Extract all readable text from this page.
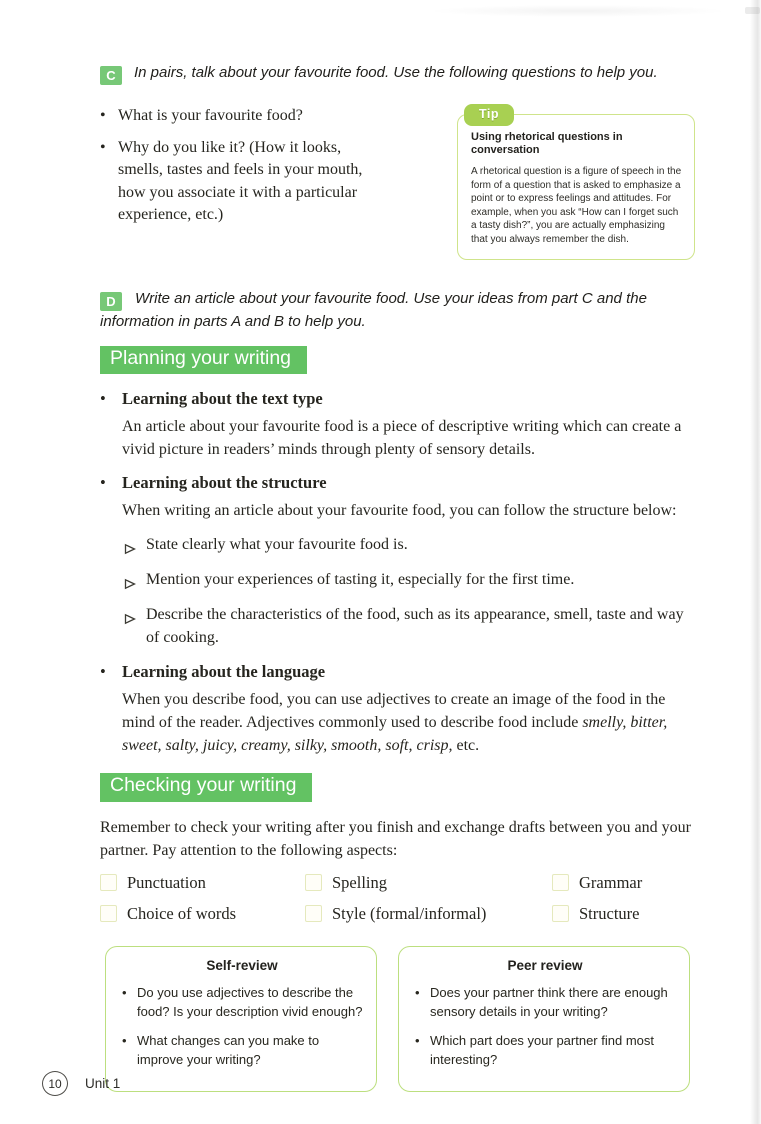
C In pairs, talk about your favourite food. Use the following questions to help you.
•
What is your favourite food?
•
Why do you like it? (How it looks, smells, tastes and feels in your mouth, how you associate it with a particular experience, etc.)
Tip
Using rhetorical questions in conversation
A rhetorical question is a figure of speech in the form of a question that is asked to emphasize a point or to express feelings and attitudes. For example, when you ask “How can I forget such a tasty dish?”, you are actually emphasizing that you always remember the dish.

D Write an article about your favourite food. Use your ideas from part C and the information in parts A and B to help you.

Planning your writing
•
Learning about the text type

An article about your favourite food is a piece of descriptive writing which can create a vivid picture in readers’ minds through plenty of sensory details.

•
Learning about the structure

When writing an article about your favourite food, you can follow the structure below:

State clearly what your favourite food is.
Mention your experiences of tasting it, especially for the first time.
Describe the characteristics of the food, such as its appearance, smell, taste and way of cooking.
•
Learning about the language

When you describe food, you can use adjectives to create an image of the food in the mind of the reader. Adjectives commonly used to describe food include smelly, bitter, sweet, salty, juicy, creamy, silky, smooth, soft, crisp, etc.

Checking your writing

Remember to check your writing after you finish and exchange drafts between you and your partner. Pay attention to the following aspects:

Punctuation	Spelling	Grammar
Choice of words	Style (formal/informal)	Structure
Self-review
•
Do you use adjectives to describe the food? Is your description vivid enough?
•
What changes can you make to improve your writing?
Peer review
•
Does your partner think there are enough sensory details in your writing?
•
Which part does your partner find most interesting?
10	Unit 1
